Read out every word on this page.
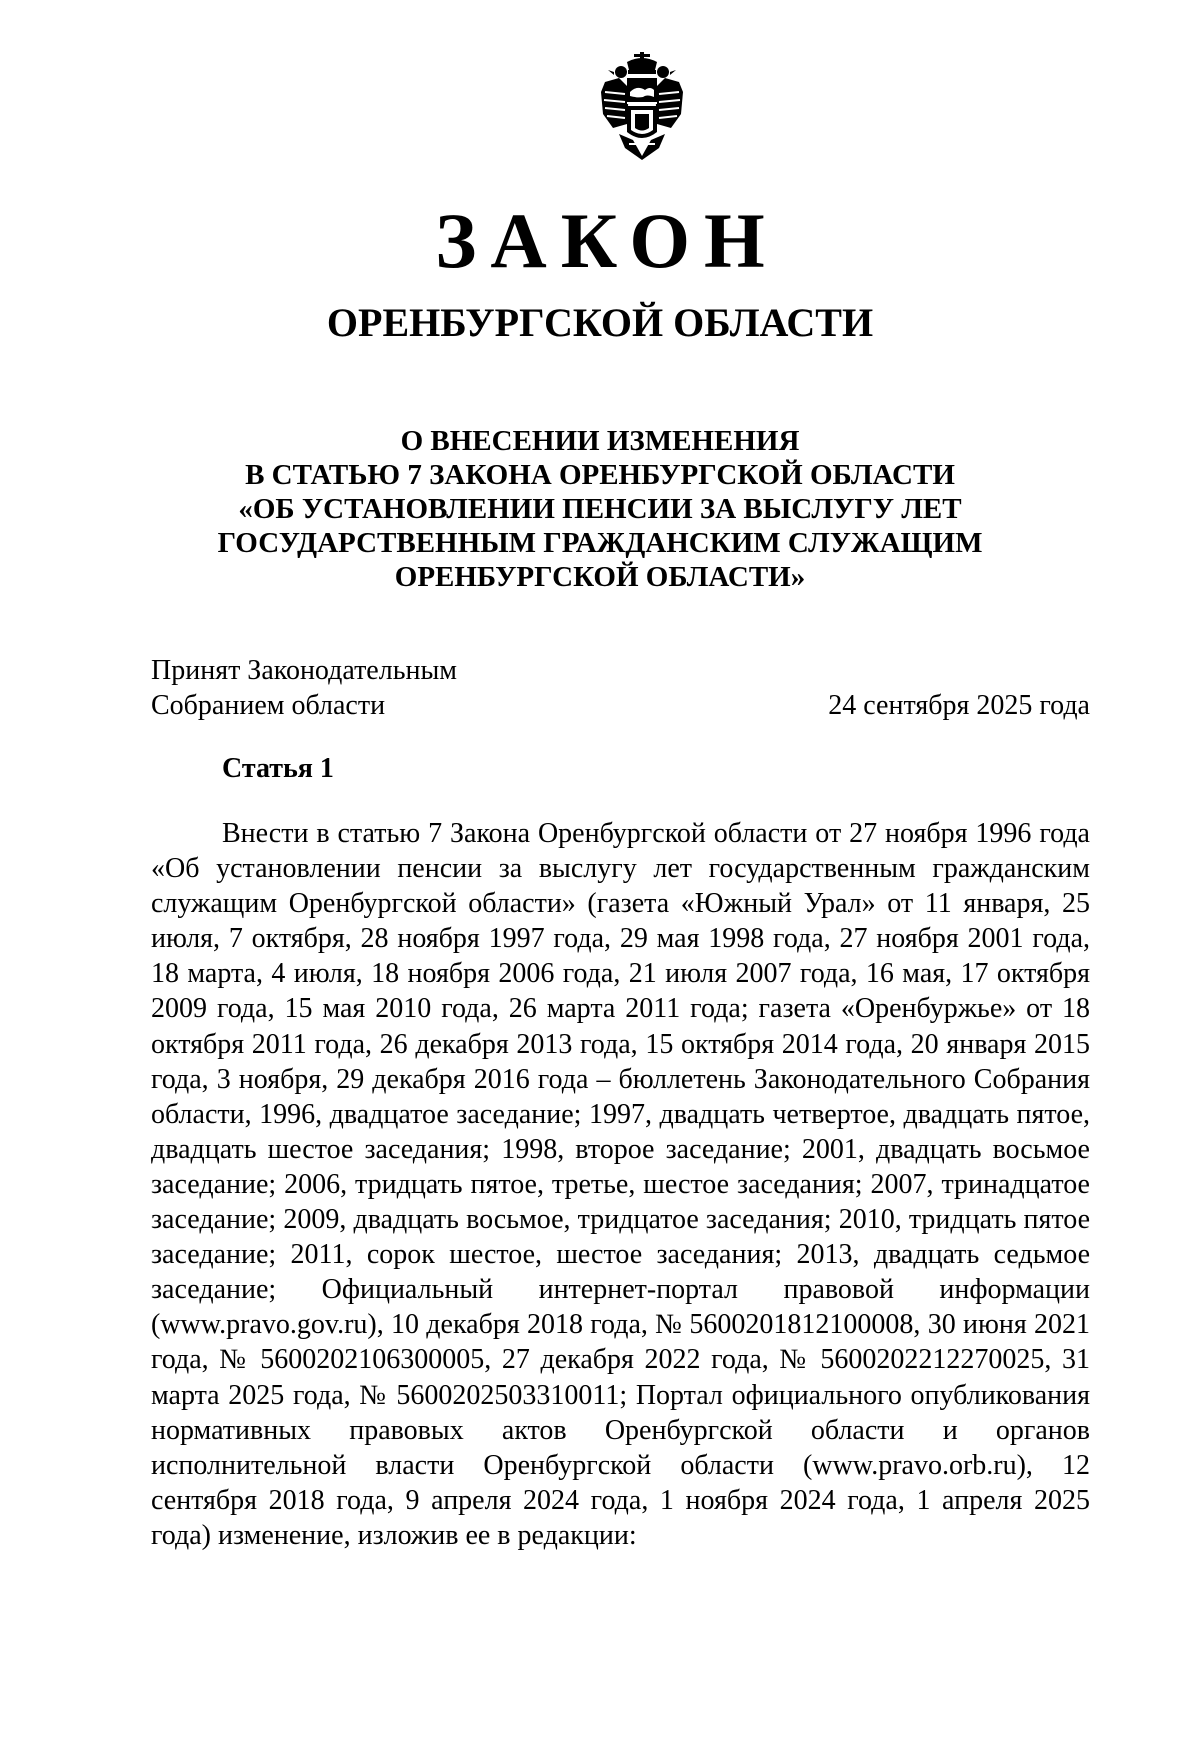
ЗАКОН
ОРЕНБУРГСКОЙ ОБЛАСТИ
О ВНЕСЕНИИ ИЗМЕНЕНИЯ
В СТАТЬЮ 7 ЗАКОНА ОРЕНБУРГСКОЙ ОБЛАСТИ
«ОБ УСТАНОВЛЕНИИ ПЕНСИИ ЗА ВЫСЛУГУ ЛЕТ
ГОСУДАРСТВЕННЫМ ГРАЖДАНСКИМ СЛУЖАЩИМ
ОРЕНБУРГСКОЙ ОБЛАСТИ»
Принят Законодательным
Собранием области	24 сентября 2025 года
Статья 1

Внести в статью 7 Закона Оренбургской области от 27 ноября 1996 года «Об установлении пенсии за выслугу лет государственным гражданским служащим Оренбургской области» (газета «Южный Урал» от 11 января, 25 июля, 7 октября, 28 ноября 1997 года, 29 мая 1998 года, 27 ноября 2001 года, 18 марта, 4 июля, 18 ноября 2006 года, 21 июля 2007 года, 16 мая, 17 октября 2009 года, 15 мая 2010 года, 26 марта 2011 года; газета «Оренбуржье» от 18 октября 2011 года, 26 декабря 2013 года, 15 октября 2014 года, 20 января 2015 года, 3 ноября, 29 декабря 2016 года – бюллетень Законодательного Собрания области, 1996, двадцатое заседание; 1997, двадцать четвертое, двадцать пятое, двадцать шестое заседания; 1998, второе заседание; 2001, двадцать восьмое заседание; 2006, тридцать пятое, третье, шестое заседания; 2007, тринадцатое заседание; 2009, двадцать восьмое, тридцатое заседания; 2010, тридцать пятое заседание; 2011, сорок шестое, шестое заседания; 2013, двадцать седьмое заседание; Официальный интернет-портал правовой информации (www.pravo.gov.ru), 10 декабря 2018 года, № 5600201812100008, 30 июня 2021 года, № 5600202106300005, 27 декабря 2022 года, № 5600202212270025, 31 марта 2025 года, № 5600202503310011; Портал официального опубликования нормативных правовых актов Оренбургской области и органов исполнительной власти Оренбургской области (www.pravo.orb.ru), 12 сентября 2018 года, 9 апреля 2024 года, 1 ноября 2024 года, 1 апреля 2025 года) изменение, изложив ее в редакции:
